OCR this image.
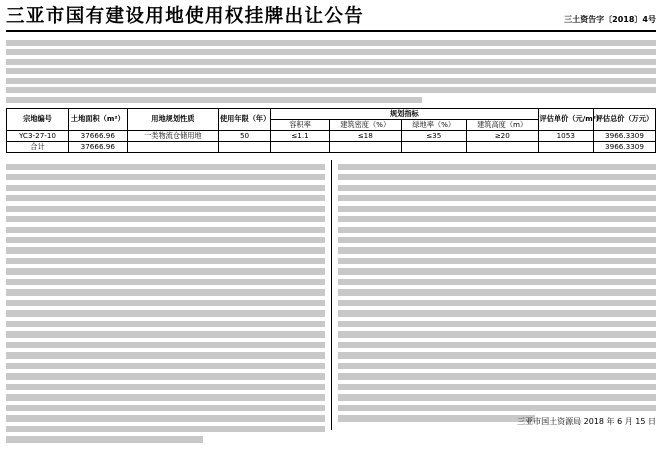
三亚市国有建设用地使用权挂牌出让公告	三土资告字〔2018〕4号
宗地编号	土地面积（m²）	用地规划性质	使用年限（年）	规划指标				评估单价（元/m²）	评估总价（万元）
				容积率	建筑密度（%）	绿地率（%）	建筑高度（m）		
YC3-27-10	37666.96	一类物流仓储用地	50	≤1.1	≤18	≤35	≥20	1053	3966.3309
合计	37666.96								3966.3309
三亚市国土资源局 2018 年 6 月 15 日
